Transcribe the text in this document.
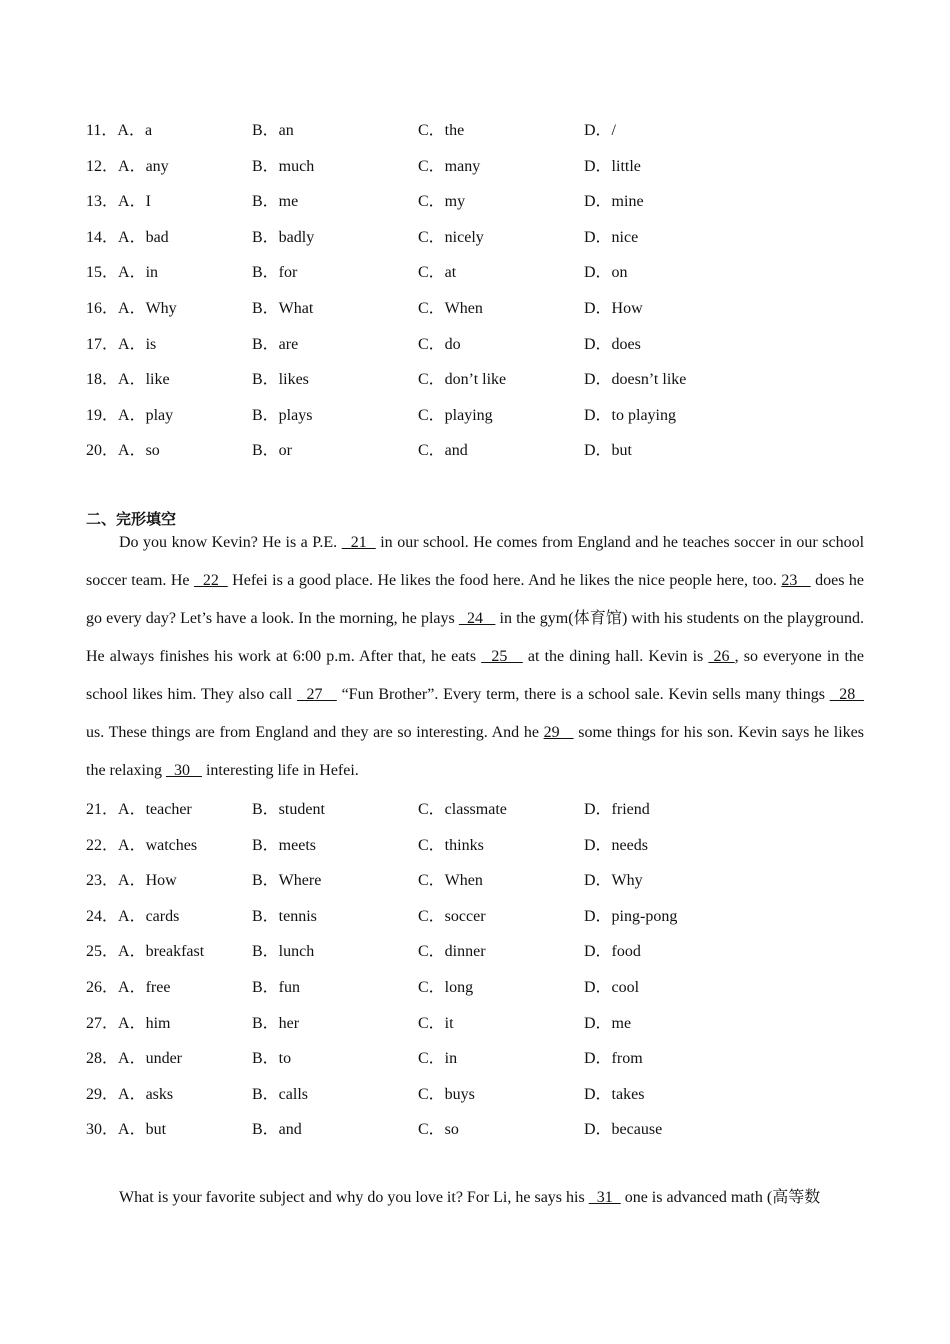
11．A．a	B．an	C．the	D．/
12．A．any	B．much	C．many	D．little
13．A．I	B．me	C．my	D．mine
14．A．bad	B．badly	C．nicely	D．nice
15．A．in	B．for	C．at	D．on
16．A．Why	B．What	C．When	D．How
17．A．is	B．are	C．do	D．does
18．A．like	B．likes	C．don’t like	D．doesn’t like
19．A．play	B．plays	C．playing	D．to playing
20．A．so	B．or	C．and	D．but
二、完形填空

Do you know Kevin? He is a P.E.   21   in our school. He comes from England and he teaches soccer in our school soccer team. He   22   Hefei is a good place. He likes the food here. And he likes the nice people here, too. 23    does he go every day? Let’s have a look. In the morning, he plays   24    in the gym(体育馆) with his students on the playground. He always finishes his work at 6:00 p.m. After that, he eats   25    at the dining hall. Kevin is  26 , so everyone in the school likes him. They also call   27    “Fun Brother”. Every term, there is a school sale. Kevin sells many things   28   us. These things are from England and they are so interesting. And he 29    some things for his son. Kevin says he likes the relaxing   30    interesting life in Hefei.

21．A．teacher	B．student	C．classmate	D．friend
22．A．watches	B．meets	C．thinks	D．needs
23．A．How	B．Where	C．When	D．Why
24．A．cards	B．tennis	C．soccer	D．ping-pong
25．A．breakfast	B．lunch	C．dinner	D．food
26．A．free	B．fun	C．long	D．cool
27．A．him	B．her	C．it	D．me
28．A．under	B．to	C．in	D．from
29．A．asks	B．calls	C．buys	D．takes
30．A．but	B．and	C．so	D．because

What is your favorite subject and why do you love it? For Li, he says his   31   one is advanced math (高等数
